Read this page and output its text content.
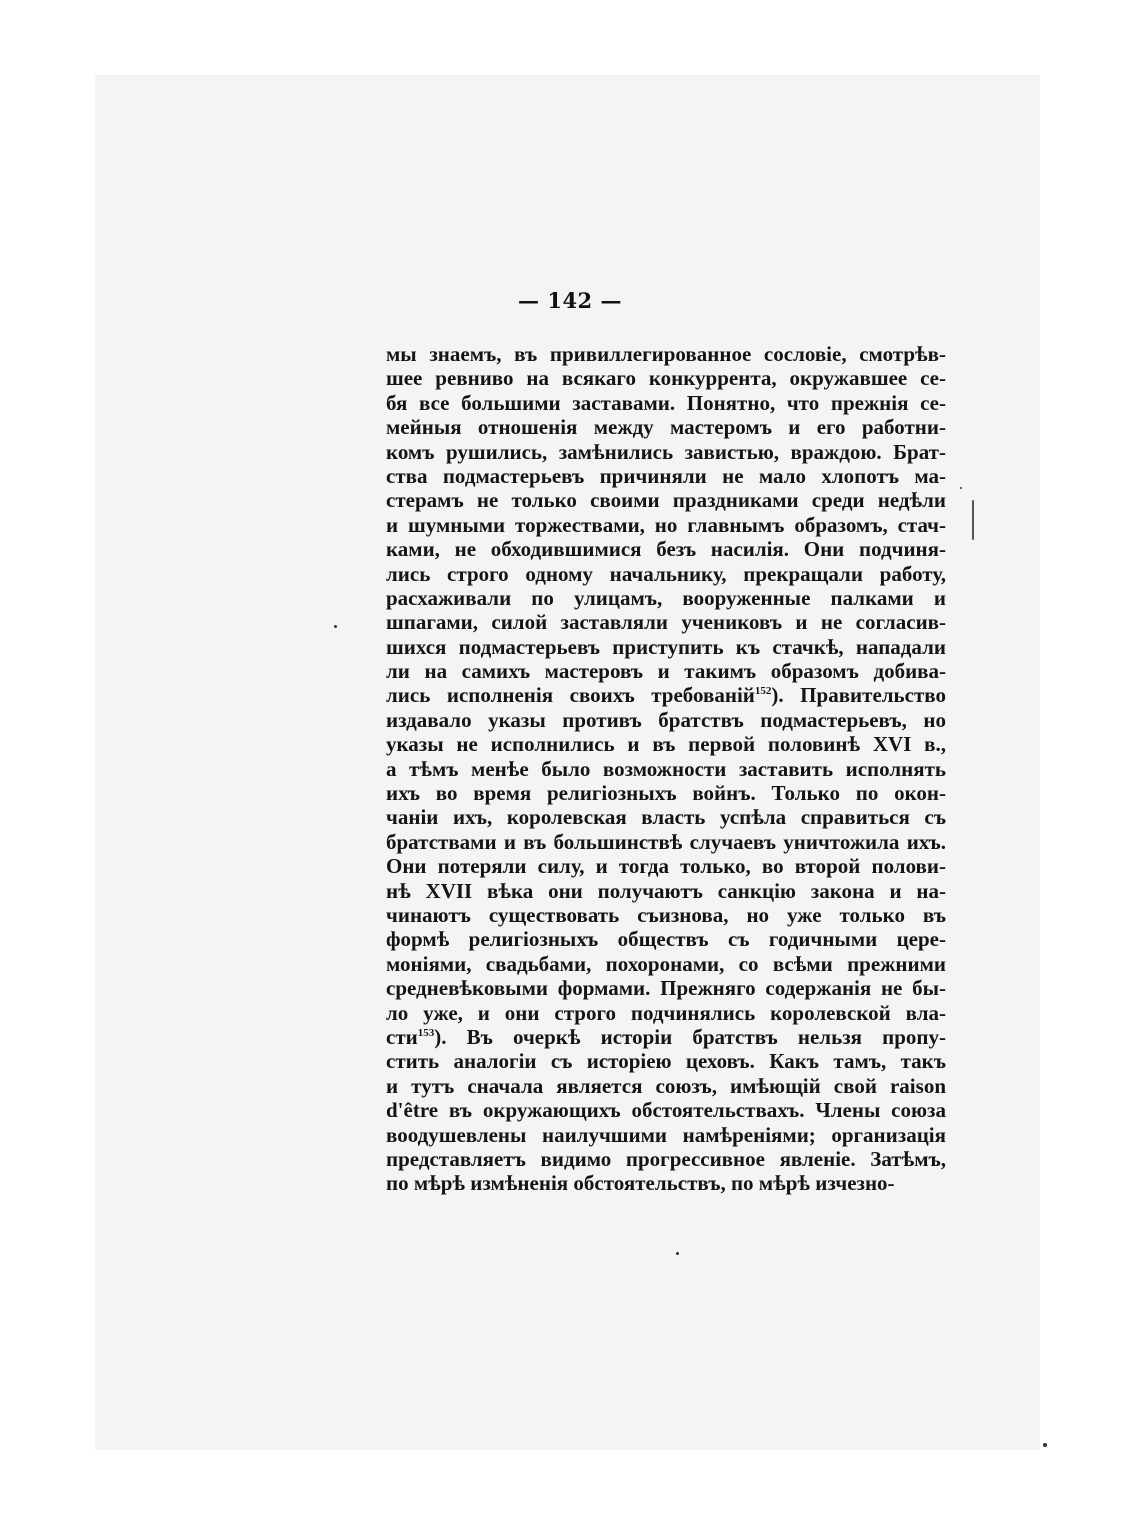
— 142 —
мы знаемъ, въ привиллегированное сословіе, смотрѣв-
шее ревниво на всякаго конкуррента, окружавшее се-
бя все большими заставами. Понятно, что прежнія се-
мейныя отношенія между мастеромъ и его работни-
комъ рушились, замѣнились завистью, враждою. Брат-
ства подмастерьевъ причиняли не мало хлопотъ ма-
стерамъ не только своими праздниками среди недѣли
и шумными торжествами, но главнымъ образомъ, стач-
ками, не обходившимися безъ насилія. Они подчиня-
лись строго одному начальнику, прекращали работу,
расхаживали по улицамъ, вооруженные палками и
шпагами, силой заставляли учениковъ и не согласив-
шихся подмастерьевъ приступить къ стачкѣ, нападали
ли на самихъ мастеровъ и такимъ образомъ добива-
лись исполненія своихъ требованій$^{152}$). Правительство
издавало указы противъ братствъ подмастерьевъ, но
указы не исполнились и въ первой половинѣ XVI в.,
а тѣмъ менѣе было возможности заставить исполнять
ихъ во время религіозныхъ войнъ. Только по окон-
чаніи ихъ, королевская власть успѣла справиться съ
братствами и въ большинствѣ случаевъ уничтожила ихъ.
Они потеряли силу, и тогда только, во второй полови-
нѣ XVII вѣка они получаютъ санкцію закона и на-
чинаютъ существовать съизнова, но уже только въ
формѣ религіозныхъ обществъ съ годичными цере-
моніями, свадьбами, похоронами, со всѣми прежними
средневѣковыми формами. Прежняго содержанія не бы-
ло уже, и они строго подчинялись королевской вла-
сти$^{153}$). Въ очеркѣ исторіи братствъ нельзя пропу-
стить аналогіи съ исторіею цеховъ. Какъ тамъ, такъ
и тутъ сначала является союзъ, имѣющій свой raison
d'être въ окружающихъ обстоятельствахъ. Члены союза
воодушевлены наилучшими намѣреніями; организація
представляетъ видимо прогрессивное явленіе. Затѣмъ,
по мѣрѣ измѣненія обстоятельствъ, по мѣрѣ изчезно-
